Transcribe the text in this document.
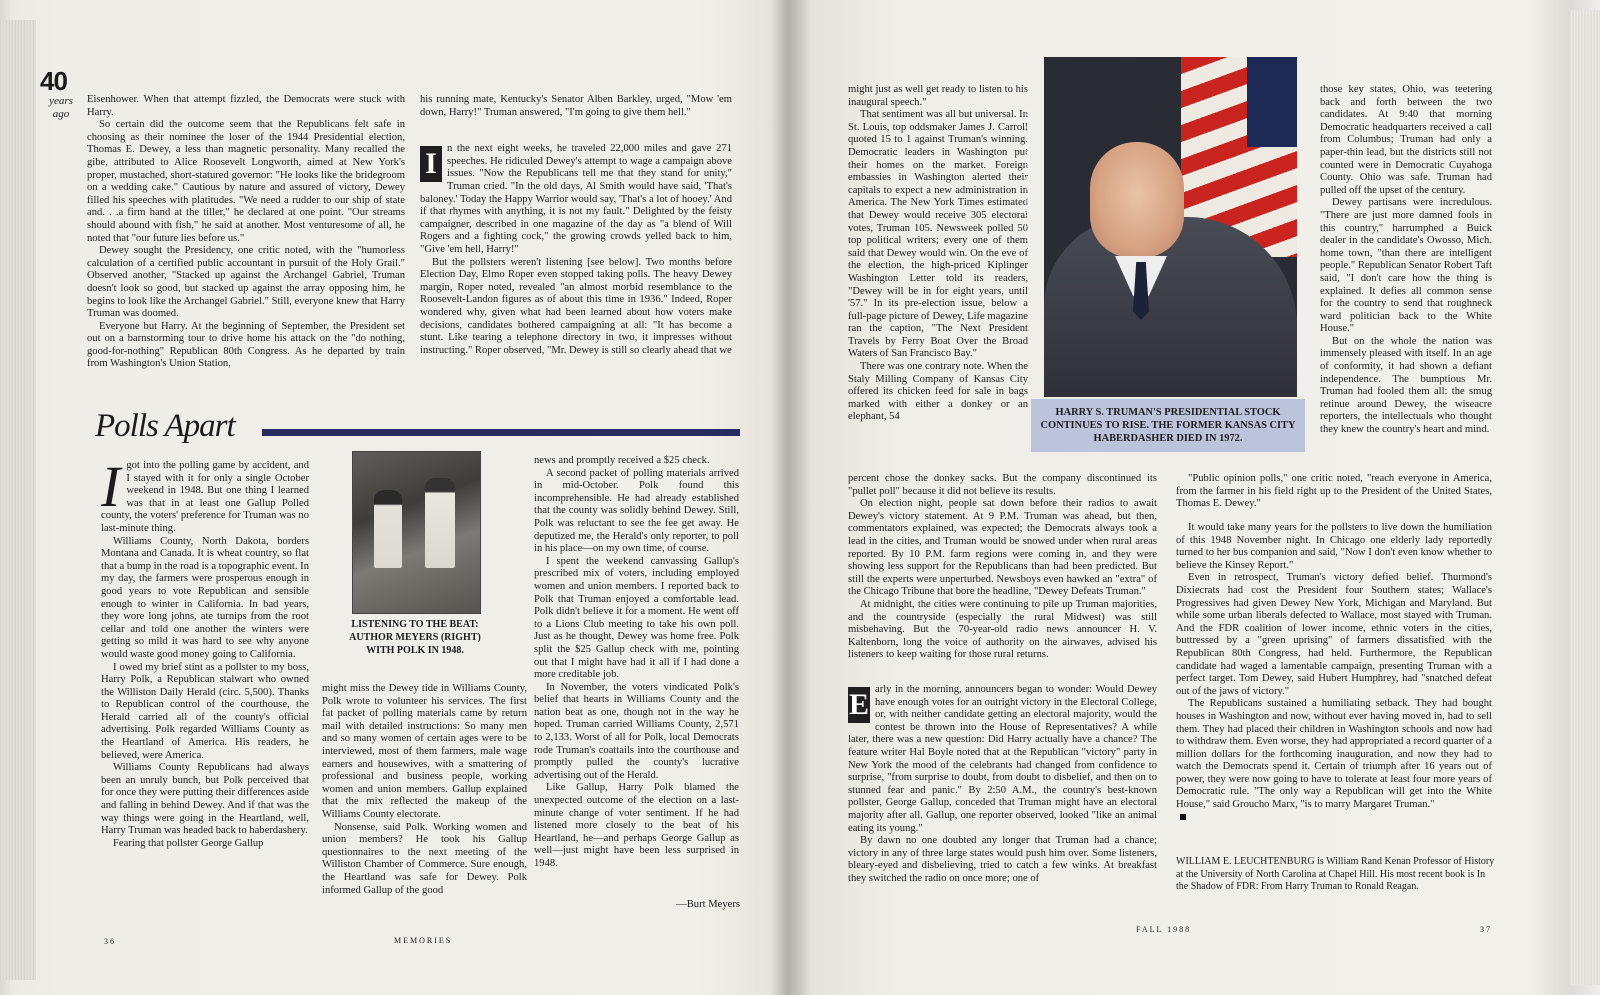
40
years
ago

Eisenhower. When that attempt fizzled, the Democrats were stuck with Harry.

So certain did the outcome seem that the Republicans felt safe in choosing as their nominee the loser of the 1944 Presidential election, Thomas E. Dewey, a less than magnetic personality. Many recalled the gibe, attributed to Alice Roosevelt Longworth, aimed at New York's proper, mustached, short-statured governor: "He looks like the bridegroom on a wedding cake." Cautious by nature and assured of victory, Dewey filled his speeches with platitudes. "We need a rudder to our ship of state and. . .a firm hand at the tiller," he declared at one point. "Our streams should abound with fish," he said at another. Most venturesome of all, he noted that "our future lies before us."

Dewey sought the Presidency, one critic noted, with the "humorless calculation of a certified public accountant in pursuit of the Holy Grail." Observed another, "Stacked up against the Archangel Gabriel, Truman doesn't look so good, but stacked up against the array opposing him, he begins to look like the Archangel Gabriel." Still, everyone knew that Harry Truman was doomed.

Everyone but Harry. At the beginning of September, the President set out on a barnstorming tour to drive home his attack on the "do nothing, good-for-nothing" Republican 80th Congress. As he departed by train from Washington's Union Station,

his running mate, Kentucky's Senator Alben Barkley, urged, "Mow 'em down, Harry!" Truman answered, "I'm going to give them hell."

I n the next eight weeks, he traveled 22,000 miles and gave 271 speeches. He ridiculed Dewey's attempt to wage a campaign above issues. "Now the Republicans tell me that they stand for unity," Truman cried. "In the old days, Al Smith would have said, 'That's baloney.' Today the Happy Warrior would say, 'That's a lot of hooey.' And if that rhymes with anything, it is not my fault." Delighted by the feisty campaigner, described in one magazine of the day as "a blend of Will Rogers and a fighting cock," the growing crowds yelled back to him, "Give 'em hell, Harry!"

But the pollsters weren't listening [see below]. Two months before Election Day, Elmo Roper even stopped taking polls. The heavy Dewey margin, Roper noted, revealed "an almost morbid resemblance to the Roosevelt-Landon figures as of about this time in 1936." Indeed, Roper wondered why, given what had been learned about how voters make decisions, candidates bothered campaigning at all: "It has become a stunt. Like tearing a telephone directory in two, it impresses without instructing." Roper observed, "Mr. Dewey is still so clearly ahead that we

Polls Apart
I got into the polling game by accident, and I stayed with it for only a single October weekend in 1948. But one thing I learned was that in at least one Gallup Polled county, the voters' preference for Truman was no last-minute thing.

Williams County, North Dakota, borders Montana and Canada. It is wheat country, so flat that a bump in the road is a topographic event. In my day, the farmers were prosperous enough in good years to vote Republican and sensible enough to winter in California. In bad years, they wore long johns, ate turnips from the root cellar and told one another the winters were getting so mild it was hard to see why anyone would waste good money going to California.

I owed my brief stint as a pollster to my boss, Harry Polk, a Republican stalwart who owned the Williston Daily Herald (circ. 5,500). Thanks to Republican control of the courthouse, the Herald carried all of the county's official advertising. Polk regarded Williams County as the Heartland of America. His readers, he believed, were America.

Williams County Republicans had always been an unruly bunch, but Polk perceived that for once they were putting their differences aside and falling in behind Dewey. And if that was the way things were going in the Heartland, well, Harry Truman was headed back to haberdashery.

Fearing that pollster George Gallup

LISTENING TO THE BEAT: AUTHOR MEYERS (RIGHT) WITH POLK IN 1948.

might miss the Dewey tide in Williams County, Polk wrote to volunteer his services. The first fat packet of polling materials came by return mail with detailed instructions: So many men and so many women of certain ages were to be interviewed, most of them farmers, male wage earners and housewives, with a smattering of professional and business people, working women and union members. Gallup explained that the mix reflected the makeup of the Williams County electorate.

Nonsense, said Polk. Working women and union members? He took his Gallup questionnaires to the next meeting of the Williston Chamber of Commerce. Sure enough, the Heartland was safe for Dewey. Polk informed Gallup of the good

news and promptly received a $25 check.

A second packet of polling materials arrived in mid-October. Polk found this incomprehensible. He had already established that the county was solidly behind Dewey. Still, Polk was reluctant to see the fee get away. He deputized me, the Herald's only reporter, to poll in his place—on my own time, of course.

I spent the weekend canvassing Gallup's prescribed mix of voters, including employed women and union members. I reported back to Polk that Truman enjoyed a comfortable lead. Polk didn't believe it for a moment. He went off to a Lions Club meeting to take his own poll. Just as he thought, Dewey was home free. Polk split the $25 Gallup check with me, pointing out that I might have had it all if I had done a more creditable job.

In November, the voters vindicated Polk's belief that hearts in Williams County and the nation beat as one, though not in the way he hoped. Truman carried Williams County, 2,571 to 2,133. Worst of all for Polk, local Democrats rode Truman's coattails into the courthouse and promptly pulled the county's lucrative advertising out of the Herald.

Like Gallup, Harry Polk blamed the unexpected outcome of the election on a last-minute change of voter sentiment. If he had listened more closely to the beat of his Heartland, he—and perhaps George Gallup as well—just might have been less surprised in 1948.

—Burt Meyers
36	MEMORIES

might just as well get ready to listen to his inaugural speech."

That sentiment was all but universal. In St. Louis, top oddsmaker James J. Carroll quoted 15 to 1 against Truman's winning. Democratic leaders in Washington put their homes on the market. Foreign embassies in Washington alerted their capitals to expect a new administration in America. The New York Times estimated that Dewey would receive 305 electoral votes, Truman 105. Newsweek polled 50 top political writers; every one of them said that Dewey would win. On the eve of the election, the high-priced Kiplinger Washington Letter told its readers, "Dewey will be in for eight years, until '57." In its pre-election issue, below a full-page picture of Dewey, Life magazine ran the caption, "The Next President Travels by Ferry Boat Over the Broad Waters of San Francisco Bay."

There was one contrary note. When the Staly Milling Company of Kansas City offered its chicken feed for sale in bags marked with either a donkey or an elephant, 54

GEORGE SKADDING/LIFE MAGAZINE ©TIME INC.
HARRY S. TRUMAN'S PRESIDENTIAL STOCK CONTINUES TO RISE. THE FORMER KANSAS CITY HABERDASHER DIED IN 1972.

percent chose the donkey sacks. But the company discontinued its "pullet poll" because it did not believe its results.

On election night, people sat down before their radios to await Dewey's victory statement. At 9 P.M. Truman was ahead, but then, commentators explained, was expected; the Democrats always took a lead in the cities, and Truman would be snowed under when rural areas reported. By 10 P.M. farm regions were coming in, and they were showing less support for the Republicans than had been predicted. But still the experts were unperturbed. Newsboys even hawked an "extra" of the Chicago Tribune that bore the headline, "Dewey Defeats Truman."

At midnight, the cities were continuing to pile up Truman majorities, and the countryside (especially the rural Midwest) was still misbehaving. But the 70-year-old radio news announcer H. V. Kaltenborn, long the voice of authority on the airwaves, advised his listeners to keep waiting for those rural returns.

E arly in the morning, announcers began to wonder: Would Dewey have enough votes for an outright victory in the Electoral College, or, with neither candidate getting an electoral majority, would the contest be thrown into the House of Representatives? A while later, there was a new question: Did Harry actually have a chance? The feature writer Hal Boyle noted that at the Republican "victory" party in New York the mood of the celebrants had changed from confidence to surprise, "from surprise to doubt, from doubt to disbelief, and then on to stunned fear and panic." By 2:50 A.M., the country's best-known pollster, George Gallup, conceded that Truman might have an electoral majority after all. Gallup, one reporter observed, looked "like an animal eating its young."

By dawn no one doubted any longer that Truman had a chance; victory in any of three large states would push him over. Some listeners, bleary-eyed and disbelieving, tried to catch a few winks. At breakfast they switched the radio on once more; one of

those key states, Ohio, was teetering back and forth between the two candidates. At 9:40 that morning Democratic headquarters received a call from Columbus; Truman had only a paper-thin lead, but the districts still not counted were in Democratic Cuyahoga County. Ohio was safe. Truman had pulled off the upset of the century.

Dewey partisans were incredulous. "There are just more damned fools in this country," harrumphed a Buick dealer in the candidate's Owosso, Mich. home town, "than there are intelligent people." Republican Senator Robert Taft said, "I don't care how the thing is explained. It defies all common sense for the country to send that roughneck ward politician back to the White House."

But on the whole the nation was immensely pleased with itself. In an age of conformity, it had shown a defiant independence. The bumptious Mr. Truman had fooled them all: the smug retinue around Dewey, the wiseacre reporters, the intellectuals who thought they knew the country's heart and mind.

"Public opinion polls," one critic noted, "reach everyone in America, from the farmer in his field right up to the President of the United States, Thomas E. Dewey."

It would take many years for the pollsters to live down the humiliation of this 1948 November night. In Chicago one elderly lady reportedly turned to her bus companion and said, "Now I don't even know whether to believe the Kinsey Report."

Even in retrospect, Truman's victory defied belief. Thurmond's Dixiecrats had cost the President four Southern states; Wallace's Progressives had given Dewey New York, Michigan and Maryland. But while some urban liberals defected to Wallace, most stayed with Truman. And the FDR coalition of lower income, ethnic voters in the cities, buttressed by a "green uprising" of farmers dissatisfied with the Republican 80th Congress, had held. Furthermore, the Republican candidate had waged a lamentable campaign, presenting Truman with a perfect target. Tom Dewey, said Hubert Humphrey, had "snatched defeat out of the jaws of victory."

The Republicans sustained a humiliating setback. They had bought houses in Washington and now, without ever having moved in, had to sell them. They had placed their children in Washington schools and now had to withdraw them. Even worse, they had appropriated a record quarter of a million dollars for the forthcoming inauguration, and now they had to watch the Democrats spend it. Certain of triumph after 16 years out of power, they were now going to have to tolerate at least four more years of Democratic rule. "The only way a Republican will get into the White House," said Groucho Marx, "is to marry Margaret Truman."

WILLIAM E. LEUCHTENBURG is William Rand Kenan Professor of History at the University of North Carolina at Chapel Hill. His most recent book is In the Shadow of FDR: From Harry Truman to Ronald Reagan.
FALL 1988	37
